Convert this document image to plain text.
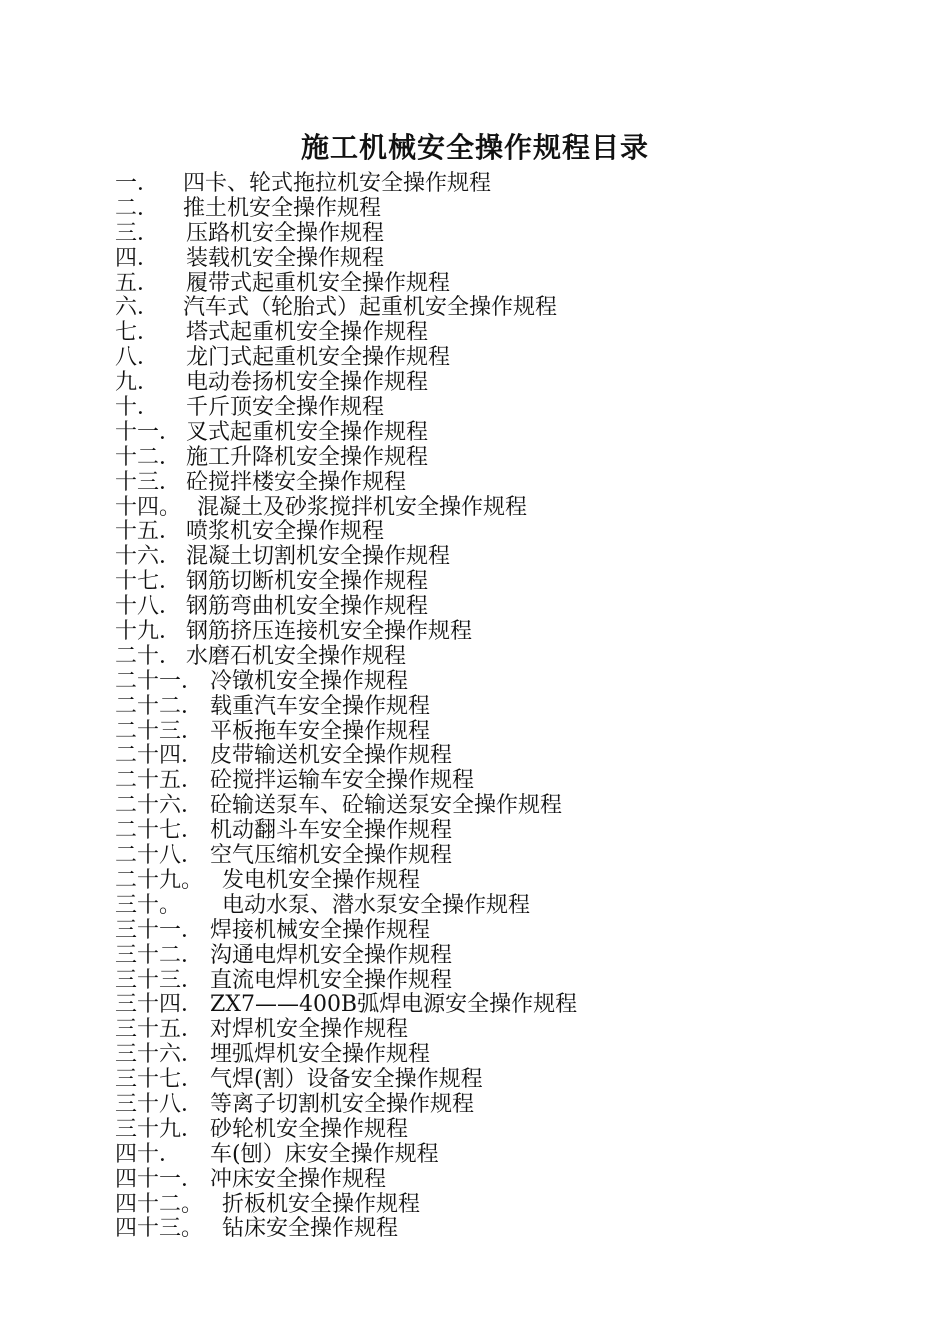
施工机械安全操作规程目录
一．	四卡、轮式拖拉机安全操作规程
二．	推土机安全操作规程
三．	压路机安全操作规程
四．	装载机安全操作规程
五．	履带式起重机安全操作规程
六．	汽车式（轮胎式）起重机安全操作规程
七．	塔式起重机安全操作规程
八．	龙门式起重机安全操作规程
九．	电动卷扬机安全操作规程
十．	千斤顶安全操作规程
十一． 叉式起重机安全操作规程
十二． 施工升降机安全操作规程
十三． 砼搅拌楼安全操作规程
十四。 混凝土及砂浆搅拌机安全操作规程
十五． 喷浆机安全操作规程
十六． 混凝土切割机安全操作规程
十七． 钢筋切断机安全操作规程
十八． 钢筋弯曲机安全操作规程
十九． 钢筋挤压连接机安全操作规程
二十． 水磨石机安全操作规程
二十一． 冷镦机安全操作规程
二十二． 载重汽车安全操作规程
二十三． 平板拖车安全操作规程
二十四． 皮带输送机安全操作规程
二十五． 砼搅拌运输车安全操作规程
二十六． 砼输送泵车、砼输送泵安全操作规程
二十七． 机动翻斗车安全操作规程
二十八． 空气压缩机安全操作规程
二十九。 发电机安全操作规程
三十。	电动水泵、潜水泵安全操作规程
三十一． 焊接机械安全操作规程
三十二． 沟通电焊机安全操作规程
三十三． 直流电焊机安全操作规程
三十四． ZX7——400B弧焊电源安全操作规程
三十五． 对焊机安全操作规程
三十六． 埋弧焊机安全操作规程
三十七． 气焊(割）设备安全操作规程
三十八． 等离子切割机安全操作规程
三十九． 砂轮机安全操作规程
四十．	车(刨）床安全操作规程
四十一． 冲床安全操作规程
四十二。 折板机安全操作规程
四十三。 钻床安全操作规程
